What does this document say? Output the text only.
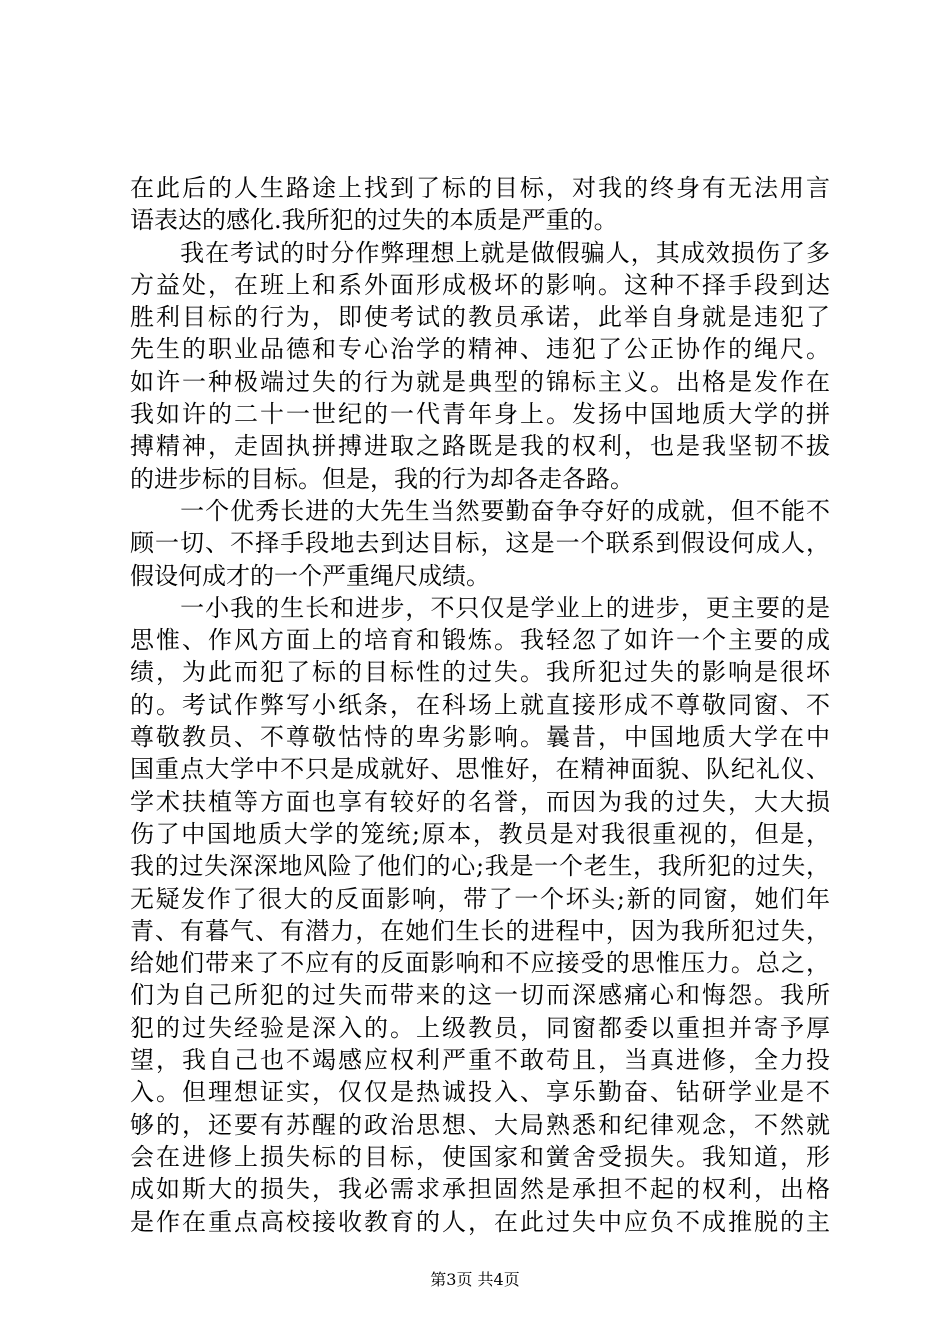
在此后的人生路途上找到了标的目标，对我的终身有无法用言
语表达的感化.我所犯的过失的本质是严重的。
　　我在考试的时分作弊理想上就是做假骗人，其成效损伤了多
方益处，在班上和系外面形成极坏的影响。这种不择手段到达
胜利目标的行为，即使考试的教员承诺，此举自身就是违犯了
先生的职业品德和专心治学的精神、违犯了公正协作的绳尺。
如许一种极端过失的行为就是典型的锦标主义。出格是发作在
我如许的二十一世纪的一代青年身上。发扬中国地质大学的拼
搏精神，走固执拼搏进取之路既是我的权利，也是我坚韧不拔
的进步标的目标。但是，我的行为却各走各路。
　　一个优秀长进的大先生当然要勤奋争夺好的成就，但不能不
顾一切、不择手段地去到达目标，这是一个联系到假设何成人，
假设何成才的一个严重绳尺成绩。
　　一小我的生长和进步，不只仅是学业上的进步，更主要的是
思惟、作风方面上的培育和锻炼。我轻忽了如许一个主要的成
绩，为此而犯了标的目标性的过失。我所犯过失的影响是很坏
的。考试作弊写小纸条，在科场上就直接形成不尊敬同窗、不
尊敬教员、不尊敬怙恃的卑劣影响。曩昔，中国地质大学在中
国重点大学中不只是成就好、思惟好，在精神面貌、队纪礼仪、
学术扶植等方面也享有较好的名誉，而因为我的过失，大大损
伤了中国地质大学的笼统;原本，教员是对我很重视的，但是，
我的过失深深地风险了他们的心;我是一个老生，我所犯的过失，
无疑发作了很大的反面影响，带了一个坏头;新的同窗，她们年
青、有暮气、有潜力，在她们生长的进程中，因为我所犯过失，
给她们带来了不应有的反面影响和不应接受的思惟压力。总之，
们为自己所犯的过失而带来的这一切而深感痛心和悔怨。我所
犯的过失经验是深入的。上级教员，同窗都委以重担并寄予厚
望，我自己也不竭感应权利严重不敢苟且，当真进修，全力投
入。但理想证实，仅仅是热诚投入、享乐勤奋、钻研学业是不
够的，还要有苏醒的政治思想、大局熟悉和纪律观念，不然就
会在进修上损失标的目标，使国家和黉舍受损失。我知道，形
成如斯大的损失，我必需求承担固然是承担不起的权利，出格
是作在重点高校接收教育的人，在此过失中应负不成推脱的主
第3页 共4页
